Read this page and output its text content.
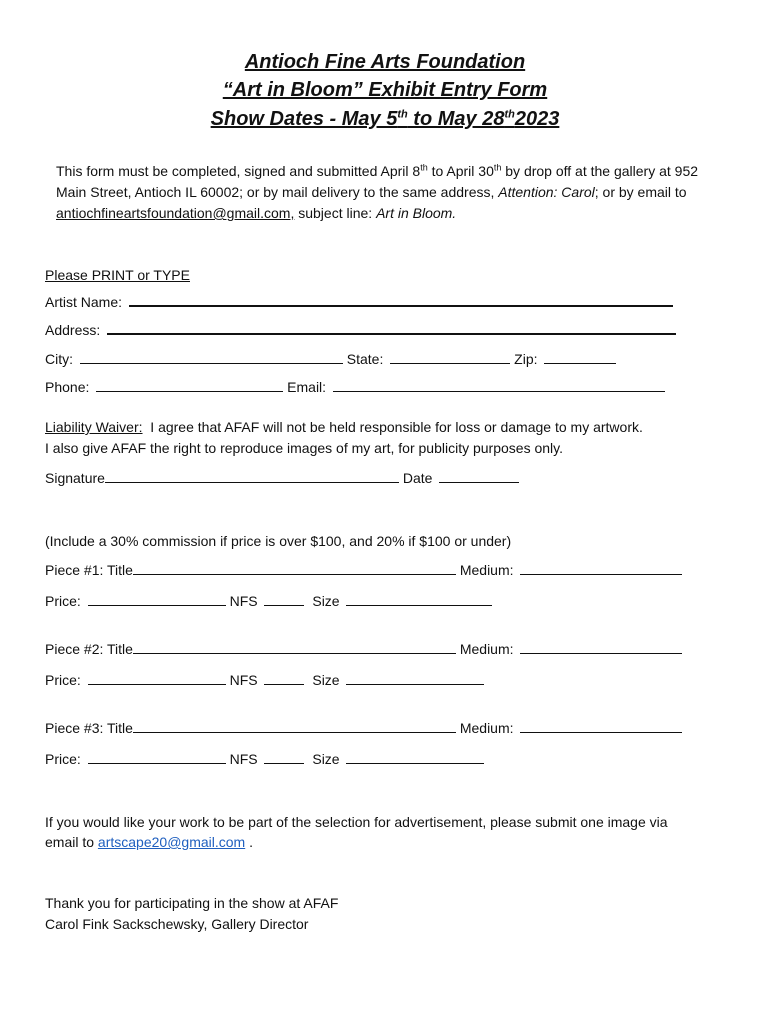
Antioch Fine Arts Foundation

“Art in Bloom” Exhibit Entry Form

Show Dates - May 5th to May 28th2023

This form must be completed, signed and submitted April 8th to April 30th by drop off at the gallery at 952 Main Street, Antioch IL 60002; or by mail delivery to the same address, Attention: Carol; or by email to antiochfineartsfoundation@gmail.com, subject line: Art in Bloom.

Please PRINT or TYPE

Artist Name:

Address:

City:	State:	Zip:

Phone:	Email:

Liability Waiver:  I agree that AFAF will not be held responsible for loss or damage to my artwork.

I also give AFAF the right to reproduce images of my art, for publicity purposes only.

Signature	Date

(Include a 30% commission if price is over $100, and 20% if $100 or under)

Piece #1: Title	Medium:

Price:	NFS	Size

Piece #2: Title	Medium:

Price:	NFS	Size

Piece #3: Title	Medium:

Price:	NFS	Size

If you would like your work to be part of the selection for advertisement, please submit one image via

email to artscape20@gmail.com .

Thank you for participating in the show at AFAF

Carol Fink Sackschewsky, Gallery Director
